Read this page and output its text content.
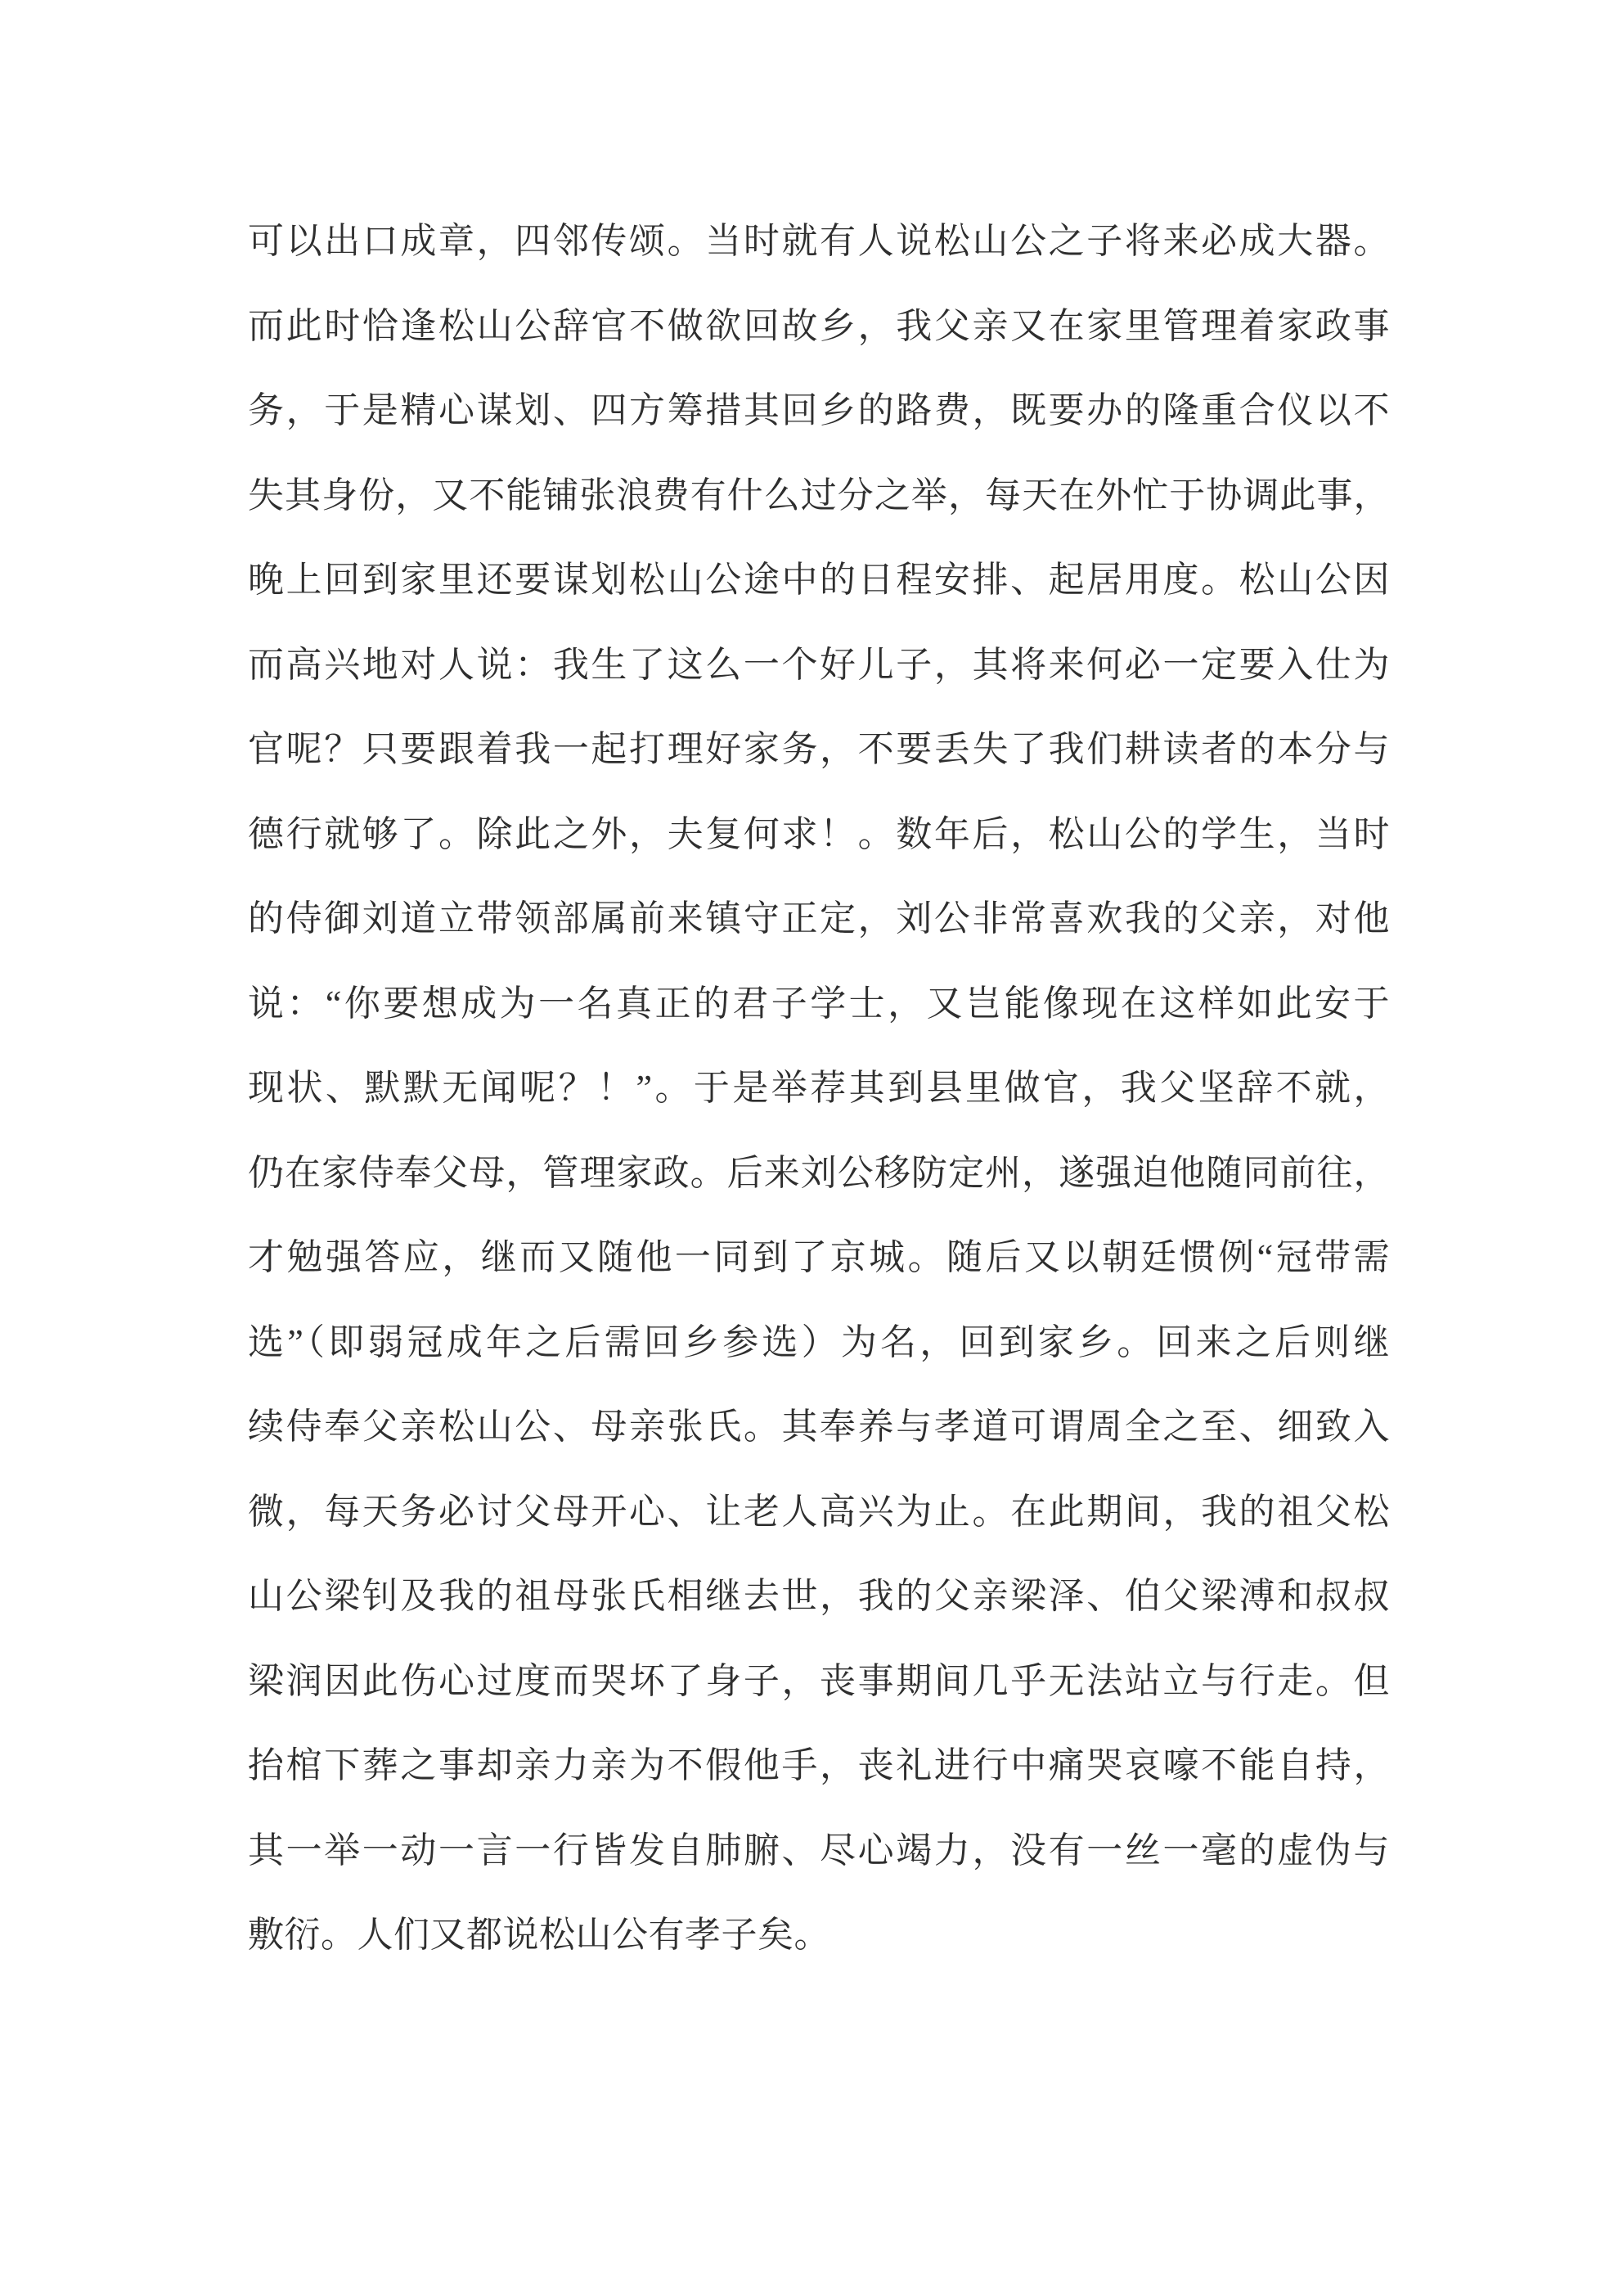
可以出口成章，四邻传颂。当时就有人说松山公之子将来必成大器。
而此时恰逢松山公辞官不做欲回故乡，我父亲又在家里管理着家政事
务，于是精心谋划、四方筹措其回乡的路费，既要办的隆重合仪以不
失其身份，又不能铺张浪费有什么过分之举，每天在外忙于协调此事，
晚上回到家里还要谋划松山公途中的日程安排、起居用度。松山公因
而高兴地对人说：我生了这么一个好儿子，其将来何必一定要入仕为
官呢？只要跟着我一起打理好家务，不要丢失了我们耕读者的本分与
德行就够了。除此之外，夫复何求！。数年后，松山公的学生，当时
的侍御刘道立带领部属前来镇守正定，刘公非常喜欢我的父亲，对他
说：“你要想成为一名真正的君子学士，又岂能像现在这样如此安于
现状、默默无闻呢？！”。于是举荐其到县里做官，我父坚辞不就，
仍在家侍奉父母，管理家政。后来刘公移防定州，遂强迫他随同前往，
才勉强答应，继而又随他一同到了京城。随后又以朝廷惯例“冠带需
选”（即弱冠成年之后需回乡参选）为名，回到家乡。回来之后则继
续侍奉父亲松山公、母亲张氏。其奉养与孝道可谓周全之至、细致入
微，每天务必讨父母开心、让老人高兴为止。在此期间，我的祖父松
山公梁钊及我的祖母张氏相继去世，我的父亲梁泽、伯父梁溥和叔叔
梁润因此伤心过度而哭坏了身子，丧事期间几乎无法站立与行走。但
抬棺下葬之事却亲力亲为不假他手，丧礼进行中痛哭哀嚎不能自持，
其一举一动一言一行皆发自肺腑、尽心竭力，没有一丝一毫的虚伪与
敷衍。人们又都说松山公有孝子矣。
